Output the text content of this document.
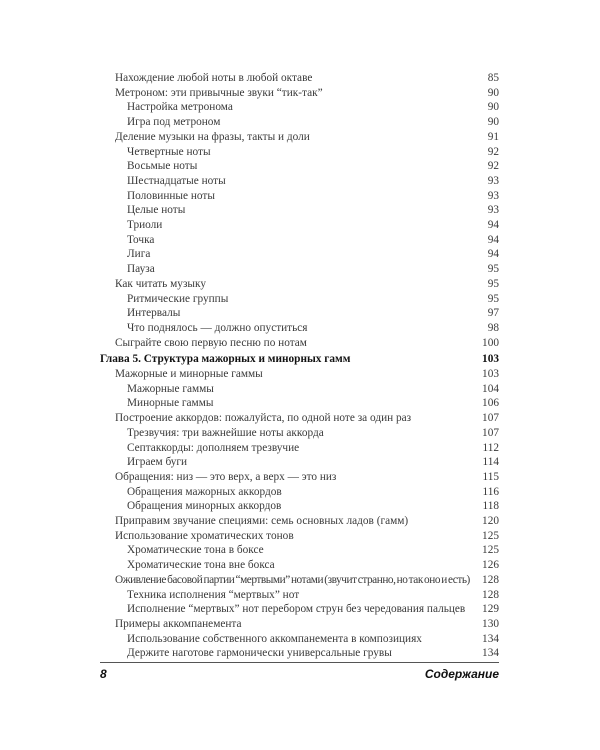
Нахождение любой ноты в любой октаве	85
Метроном: эти привычные звуки “тик-так”	90
Настройка метронома	90
Игра под метроном	90
Деление музыки на фразы, такты и доли	91
Четвертные ноты	92
Восьмые ноты	92
Шестнадцатые ноты	93
Половинные ноты	93
Целые ноты	93
Триоли	94
Точка	94
Лига	94
Пауза	95
Как читать музыку	95
Ритмические группы	95
Интервалы	97
Что поднялось — должно опуститься	98
Сыграйте свою первую песню по нотам	100
Глава 5. Структура мажорных и минорных гамм	103
Мажорные и минорные гаммы	103
Мажорные гаммы	104
Минорные гаммы	106
Построение аккордов: пожалуйста, по одной ноте за один раз	107
Трезвучия: три важнейшие ноты аккорда	107
Септаккорды: дополняем трезвучие	112
Играем буги	114
Обращения: низ — это верх, а верх — это низ	115
Обращения мажорных аккордов	116
Обращения минорных аккордов	118
Приправим звучание специями: семь основных ладов (гамм)	120
Использование хроматических тонов	125
Хроматические тона в боксе	125
Хроматические тона вне бокса	126
Оживление басовой партии “мертвыми” нотами (звучит странно, но так оно и есть)	128
Техника исполнения “мертвых” нот	128
Исполнение “мертвых” нот перебором струн без чередования пальцев	129
Примеры аккомпанемента	130
Использование собственного аккомпанемента в композициях	134
Держите наготове гармонически универсальные грувы	134
8	Содержание
